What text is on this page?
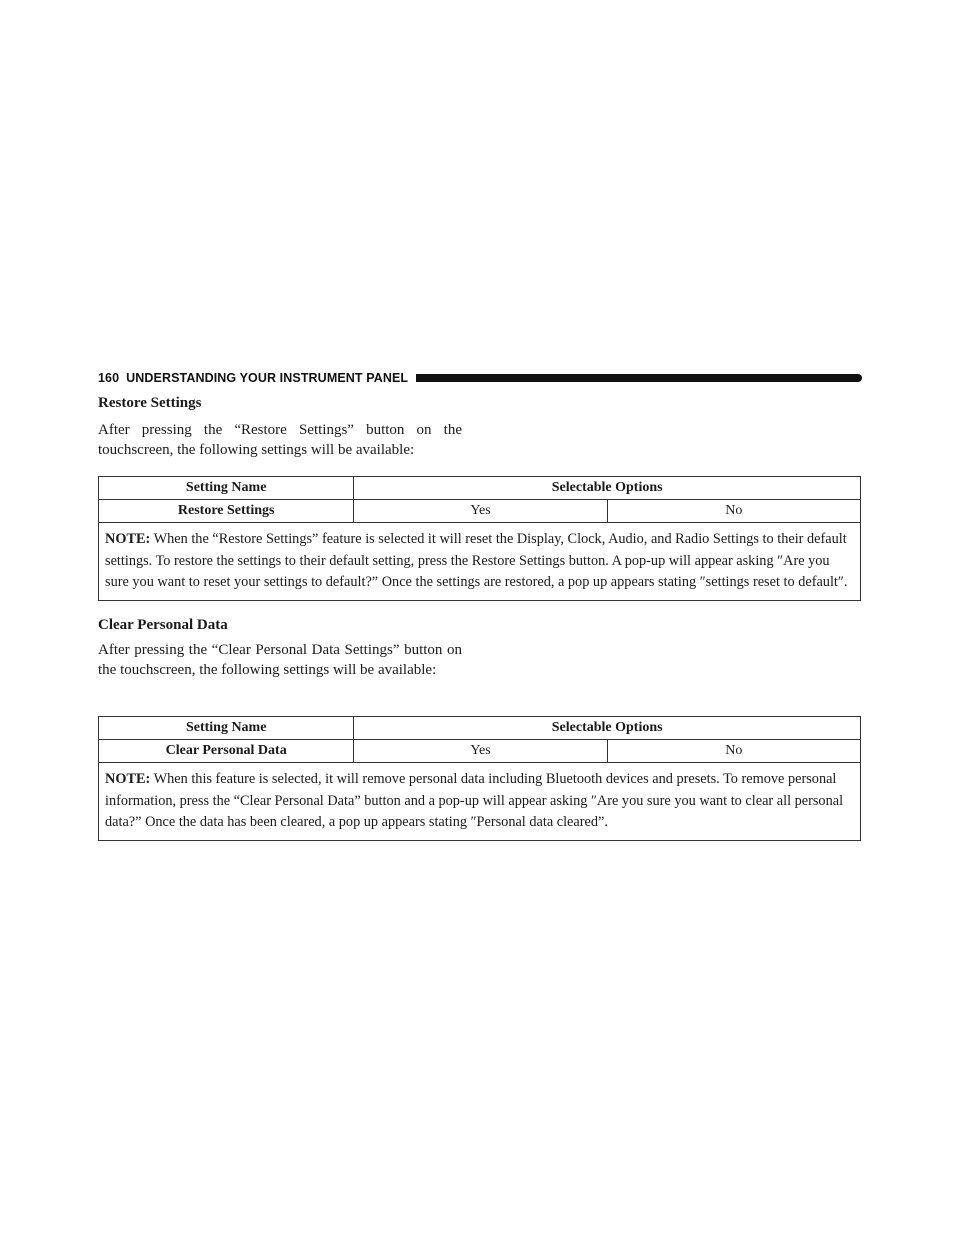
160 UNDERSTANDING YOUR INSTRUMENT PANEL
Restore Settings

After pressing the “Restore Settings” button on the touchscreen, the following settings will be available:

Setting Name	Selectable Options	
Restore Settings	Yes	No
NOTE: When the “Restore Settings” feature is selected it will reset the Display, Clock, Audio, and Radio Settings to their default settings. To restore the settings to their default setting, press the Restore Settings button. A pop-up will appear asking ″Are you sure you want to reset your settings to default?” Once the settings are restored, a pop up appears stating ″settings reset to default″.		
Clear Personal Data

After pressing the “Clear Personal Data Settings” button on the touchscreen, the following settings will be available:

Setting Name	Selectable Options	
Clear Personal Data	Yes	No
NOTE: When this feature is selected, it will remove personal data including Bluetooth devices and presets. To remove personal information, press the “Clear Personal Data” button and a pop-up will appear asking ″Are you sure you want to clear all personal data?” Once the data has been cleared, a pop up appears stating ″Personal data cleared”.		
